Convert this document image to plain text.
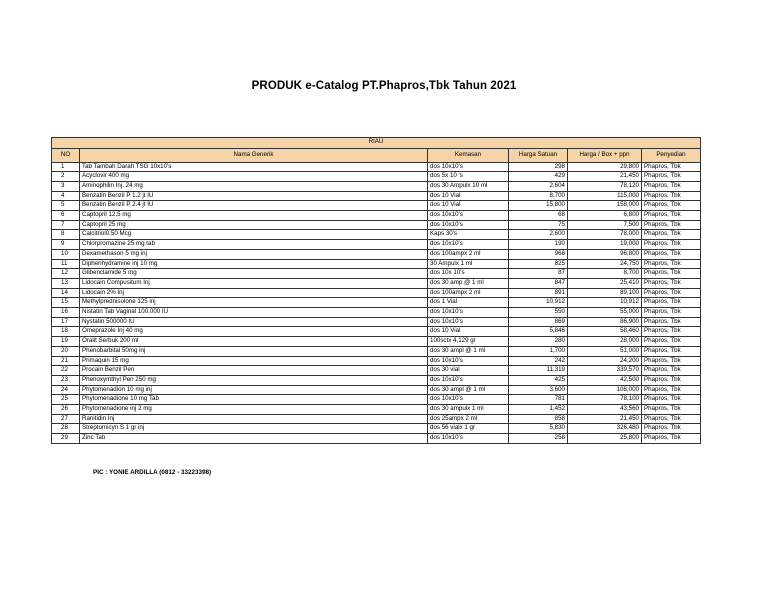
PRODUK e-Catalog PT.Phapros,Tbk Tahun 2021
RIAU					
NO	Nama Generik	Kemasan	Harga Satuan	Harga / Box + ppn	Penyedian
1	Tab Tambah Darah TSG 10x10's	dos 10x10's	298	29,800	Phapros, Tbk
2	Acyclovir 400 mg	dos 5x 10 's	429	21,450	Phapros, Tbk
3	Aminophilin Inj. 24 mg	dos 30 Ampulx 10 ml	2,604	78,120	Phapros, Tbk
4	Benzatin Benzil P 1.2 jt IU	dos 10 Vial	8,700	115,000	Phapros, Tbk
5	Benzatin Benzil P 2.4 jt IU	dos 10 Vial	15,800	158,000	Phapros, Tbk
6	Captopril 12,5 mg	dos 10x10's	68	6,800	Phapros, Tbk
7	Captopril 25 mg	dos 10x10's	75	7,500	Phapros, Tbk
8	Calcitriol0.50 Mcg	Kaps 30's	2,600	78,000	Phapros, Tbk
9	Chlorpromazine 25 mg tab	dos 10x10's	190	19,000	Phapros, Tbk
10	Dexamethason 5 mg inj	dos 100ampx 2 ml	968	96,800	Phapros, Tbk
11	Diphenhydramine inj 10 mg	30 Ampulx 1 ml	825	24,750	Phapros, Tbk
12	Glibenclamide 5 mg	dos 10x 10's	87	8,700	Phapros, Tbk
13	Lidocain Compusitum Inj	dos 30 amp @ 1 ml	847	25,410	Phapros, Tbk
14	Lidocain 2% Inj	dos 100ampx 2 ml	891	89,100	Phapros, Tbk
15	Methylprednisolone 125 inj	dos 1 Vial	10,912	10,912	Phapros, Tbk
16	Nistatin Tab Vaginal 100.000 IU	dos 10x10's	550	55,000	Phapros, Tbk
17	Nystatin 500000 IU	dos 10x10's	869	86,900	Phapros, Tbk
18	Omeprazole Inj 40 mg	dos 10 Vial	5,846	58,460	Phapros, Tbk
19	Oralit Serbuk 200 ml	100sctx 4,129 gr	280	28,000	Phapros, Tbk
20	Phenobarbital 50mg inj	dos 30 ampl @ 1 ml	1,700	51,000	Phapros, Tbk
21	Primaquin 15 mg	dos 10x10's	242	24,200	Phapros, Tbk
22	Procain Benzil Pen	dos 30 vial	11,319	339,570	Phapros, Tbk
23	Phenoxymthyl Pen 250 mg	dos 10x10's	425	42,500	Phapros, Tbk
24	Phytomenadion 10 mg inj	dos 30 ampl @ 1 ml	3,600	108,000	Phapros, Tbk
25	Phytomenadione 10 mg Tab	dos 10x10's	781	78,100	Phapros, Tbk
26	Phytomenadione inj 2 mg	dos 30 ampulx 1 ml	1,452	43,560	Phapros, Tbk
27	Ranitidin Inj	dos 25ampx 2 ml	858	21,450	Phapros, Tbk
28	Streptomicyn S 1 gr inj	dos 56 vialx 1 gr	5,830	326,480	Phapros, Tbk
29	Zinc Tab	dos 10x10's	258	25,800	Phapros, Tbk
PIC : YONIE ARDILLA (0812 - 33223398)
